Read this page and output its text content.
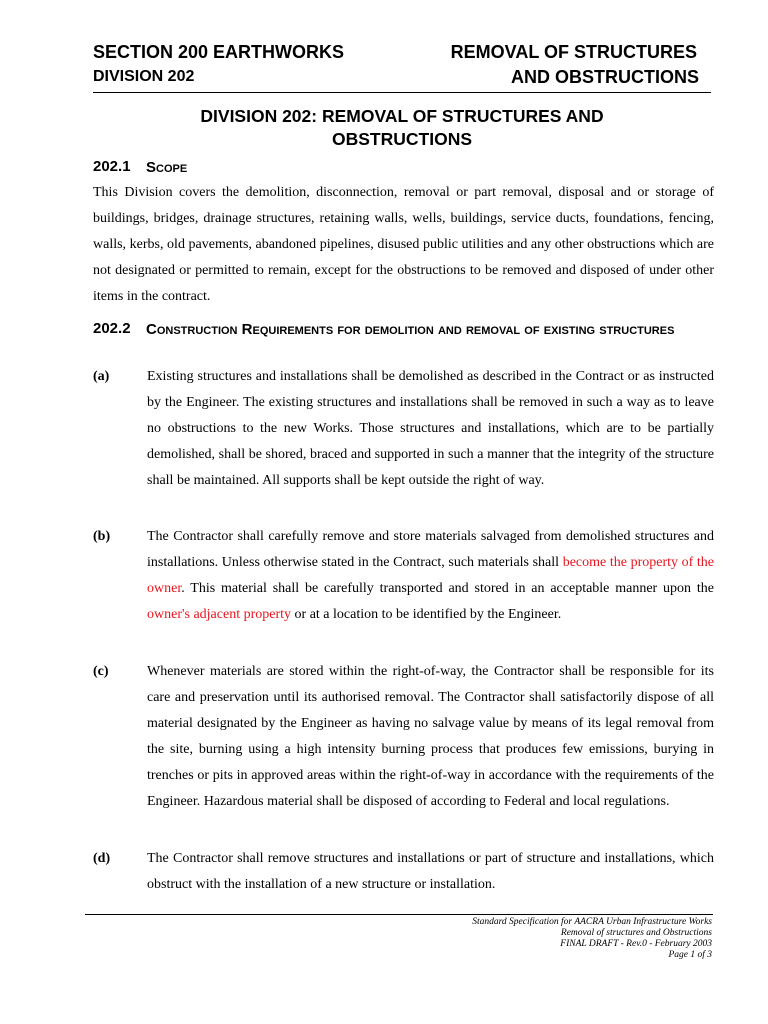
SECTION 200 EARTHWORKS	REMOVAL OF STRUCTURES
DIVISION 202	AND OBSTRUCTIONS
DIVISION 202: REMOVAL OF STRUCTURES AND
OBSTRUCTIONS
202.1 Scope
This Division covers the demolition, disconnection, removal or part removal, disposal and or storage of buildings, bridges, drainage structures, retaining walls, wells, buildings, service ducts, foundations, fencing, walls, kerbs, old pavements, abandoned pipelines, disused public utilities and any other obstructions which are not designated or permitted to remain, except for the obstructions to be removed and disposed of under other items in the contract.
202.2 Construction Requirements for demolition and removal of existing structures
(a)	Existing structures and installations shall be demolished as described in the Contract or as instructed by the Engineer. The existing structures and installations shall be removed in such a way as to leave no obstructions to the new Works. Those structures and installations, which are to be partially demolished, shall be shored, braced and supported in such a manner that the integrity of the structure shall be maintained. All supports shall be kept outside the right of way.
(b)	The Contractor shall carefully remove and store materials salvaged from demolished structures and installations. Unless otherwise stated in the Contract, such materials shall become the property of the owner. This material shall be carefully transported and stored in an acceptable manner upon the owner's adjacent property or at a location to be identified by the Engineer.
(c)	Whenever materials are stored within the right-of-way, the Contractor shall be responsible for its care and preservation until its authorised removal. The Contractor shall satisfactorily dispose of all material designated by the Engineer as having no salvage value by means of its legal removal from the site, burning using a high intensity burning process that produces few emissions, burying in trenches or pits in approved areas within the right-of-way in accordance with the requirements of the Engineer. Hazardous material shall be disposed of according to Federal and local regulations.
(d)	The Contractor shall remove structures and installations or part of structure and installations, which obstruct with the installation of a new structure or installation.
Standard Specification for AACRA Urban Infrastructure Works
Removal of structures and Obstructions
FINAL DRAFT - Rev.0 - February 2003
Page 1 of 3
